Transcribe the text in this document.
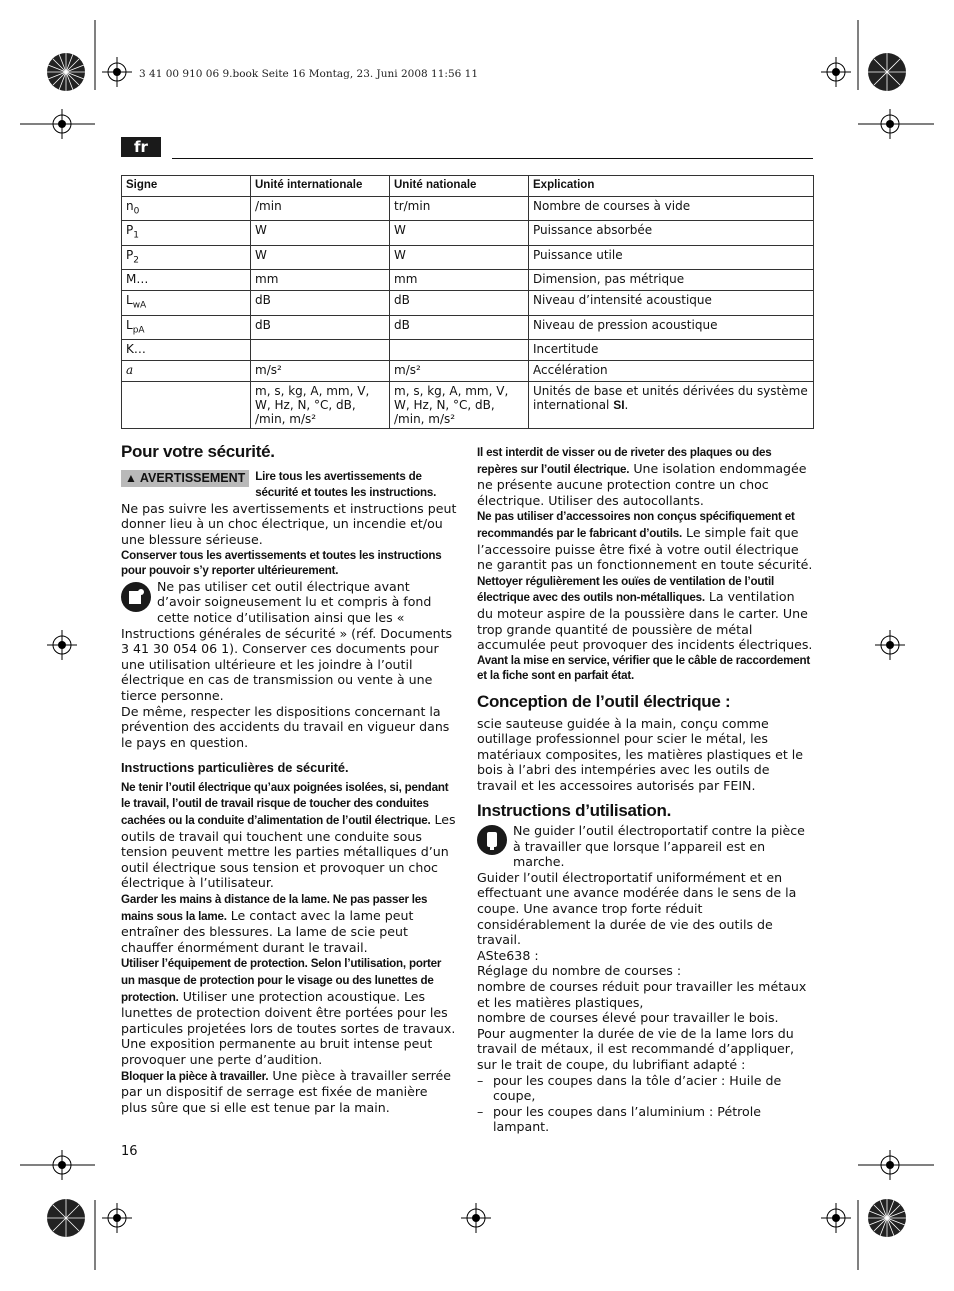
3 41 00 910 06 9.book Seite 16 Montag, 23. Juni 2008 11:56 11
fr
Signe	Unité internationale	Unité nationale	Explication
$n_0$	/min	tr/min	Nombre de courses à vide
$P_1$	W	W	Puissance absorbée
$P_2$	W	W	Puissance utile
M…	mm	mm	Dimension, pas métrique
$L_{wA}$	dB	dB	Niveau d’intensité acoustique
$L_{pA}$	dB	dB	Niveau de pression acoustique
K…			Incertitude
a	m/s²	m/s²	Accélération
	m, s, kg, A, mm, V, W, Hz, N, °C, dB, /min, m/s²	m, s, kg, A, mm, V, W, Hz, N, °C, dB, /min, m/s²	Unités de base et unités dérivées du système international SI.
Pour votre sécurité.
▲ AVERTISSEMENT Lire tous les avertissements de sécurité et toutes les instructions. Ne pas suivre les avertissements et instructions peut donner lieu à un choc électrique, un incendie et/ou une blessure sérieuse.

Conserver tous les avertissements et toutes les instructions pour pouvoir s’y reporter ultérieurement.

Ne pas utiliser cet outil électrique avant d’avoir soigneusement lu et compris à fond cette notice d’utilisation ainsi que les « Instructions générales de sécurité » (réf. Documents 3 41 30 054 06 1). Conserver ces documents pour une utilisation ultérieure et les joindre à l’outil électrique en cas de transmission ou vente à une tierce personne.

De même, respecter les dispositions concernant la prévention des accidents du travail en vigueur dans le pays en question.

Instructions particulières de sécurité.

Ne tenir l’outil électrique qu’aux poignées isolées, si, pendant le travail, l’outil de travail risque de toucher des conduites cachées ou la conduite d’alimentation de l’outil électrique. Les outils de travail qui touchent une conduite sous tension peuvent mettre les parties métalliques d’un outil électrique sous tension et provoquer un choc électrique à l’utilisateur.

Garder les mains à distance de la lame. Ne pas passer les mains sous la lame. Le contact avec la lame peut entraîner des blessures. La lame de scie peut chauffer énormément durant le travail.

Utiliser l’équipement de protection. Selon l’utilisation, porter un masque de protection pour le visage ou des lunettes de protection. Utiliser une protection acoustique. Les lunettes de protection doivent être portées pour les particules projetées lors de toutes sortes de travaux. Une exposition permanente au bruit intense peut provoquer une perte d’audition.

Bloquer la pièce à travailler. Une pièce à travailler serrée par un dispositif de serrage est fixée de manière plus sûre que si elle est tenue par la main.

Il est interdit de visser ou de riveter des plaques ou des repères sur l’outil électrique. Une isolation endommagée ne présente aucune protection contre un choc électrique. Utiliser des autocollants.

Ne pas utiliser d’accessoires non conçus spécifiquement et recommandés par le fabricant d’outils. Le simple fait que l’accessoire puisse être fixé à votre outil électrique ne garantit pas un fonctionnement en toute sécurité.

Nettoyer régulièrement les ouïes de ventilation de l’outil électrique avec des outils non-métalliques. La ventilation du moteur aspire de la poussière dans le carter. Une trop grande quantité de poussière de métal accumulée peut provoquer des incidents électriques.

Avant la mise en service, vérifier que le câble de raccordement et la fiche sont en parfait état.

Conception de l’outil électrique :

scie sauteuse guidée à la main, conçu comme outillage professionnel pour scier le métal, les matériaux composites, les matières plastiques et le bois à l’abri des intempéries avec les outils de travail et les accessoires autorisés par FEIN.

Instructions d’utilisation.

Ne guider l’outil électroportatif contre la pièce à travailler que lorsque l’appareil est en marche.

Guider l’outil électroportatif uniformément et en effectuant une avance modérée dans le sens de la coupe. Une avance trop forte réduit considérablement la durée de vie des outils de travail.

ASte638 :

Réglage du nombre de courses :

nombre de courses réduit pour travailler les métaux et les matières plastiques,

nombre de courses élevé pour travailler le bois.

Pour augmenter la durée de vie de la lame lors du travail de métaux, il est recommandé d’appliquer, sur le trait de coupe, du lubrifiant adapté :

– pour les coupes dans la tôle d’acier : Huile de coupe,
– pour les coupes dans l’aluminium : Pétrole lampant.
16
